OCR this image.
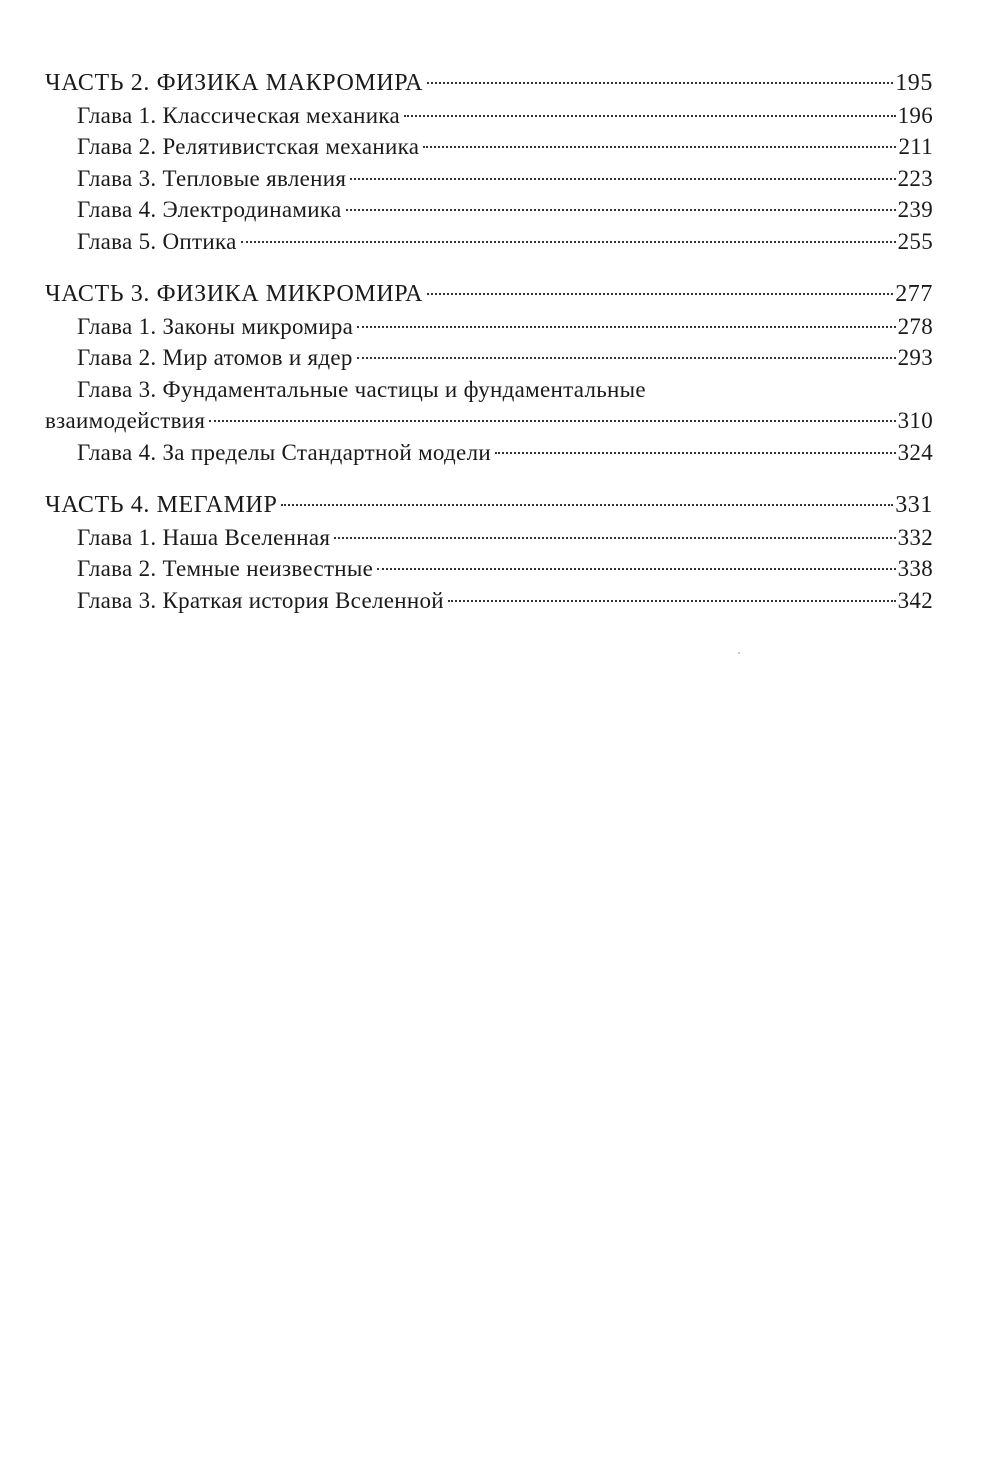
ЧАСТЬ 2. ФИЗИКА МАКРОМИРА	195
Глава 1. Классическая механика	196
Глава 2. Релятивистская механика	211
Глава 3. Тепловые явления	223
Глава 4. Электродинамика	239
Глава 5. Оптика	255
ЧАСТЬ 3. ФИЗИКА МИКРОМИРА	277
Глава 1. Законы микромира	278
Глава 2. Мир атомов и ядер	293
Глава 3. Фундаментальные частицы и фундаментальные
взаимодействия	310
Глава 4. За пределы Стандартной модели	324
ЧАСТЬ 4. МЕГАМИР	331
Глава 1. Наша Вселенная	332
Глава 2. Темные неизвестные	338
Глава 3. Краткая история Вселенной	342
